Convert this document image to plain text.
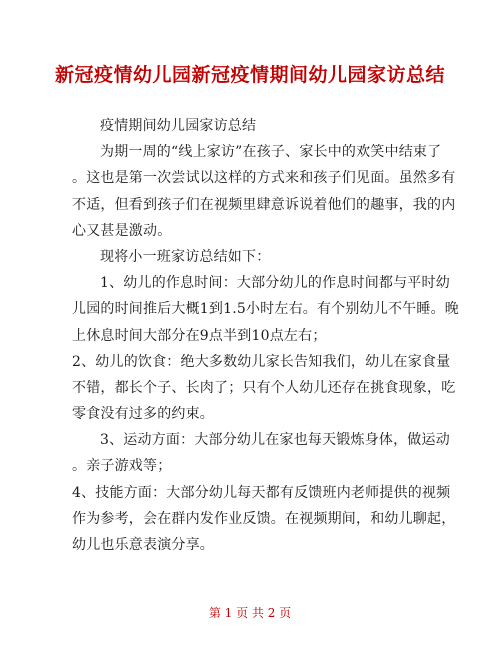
新冠疫情幼儿园新冠疫情期间幼儿园家访总结
疫情期间幼儿园家访总结
为期一周的“线上家访”在孩子、家长中的欢笑中结束了
。这也是第一次尝试以这样的方式来和孩子们见面。虽然多有
不适，但看到孩子们在视频里肆意诉说着他们的趣事，我的内
心又甚是激动。
现将小一班家访总结如下：
1、幼儿的作息时间：大部分幼儿的作息时间都与平时幼
儿园的时间推后大概1到1.5小时左右。有个别幼儿不午睡。晚
上休息时间大部分在9点半到10点左右；
2、幼儿的饮食：绝大多数幼儿家长告知我们，幼儿在家食量
不错，都长个子、长肉了；只有个人幼儿还存在挑食现象，吃
零食没有过多的约束。
3、运动方面：大部分幼儿在家也每天锻炼身体，做运动
。亲子游戏等；
4、技能方面：大部分幼儿每天都有反馈班内老师提供的视频
作为参考，会在群内发作业反馈。在视频期间，和幼儿聊起，
幼儿也乐意表演分享。
第 1 页 共 2 页
